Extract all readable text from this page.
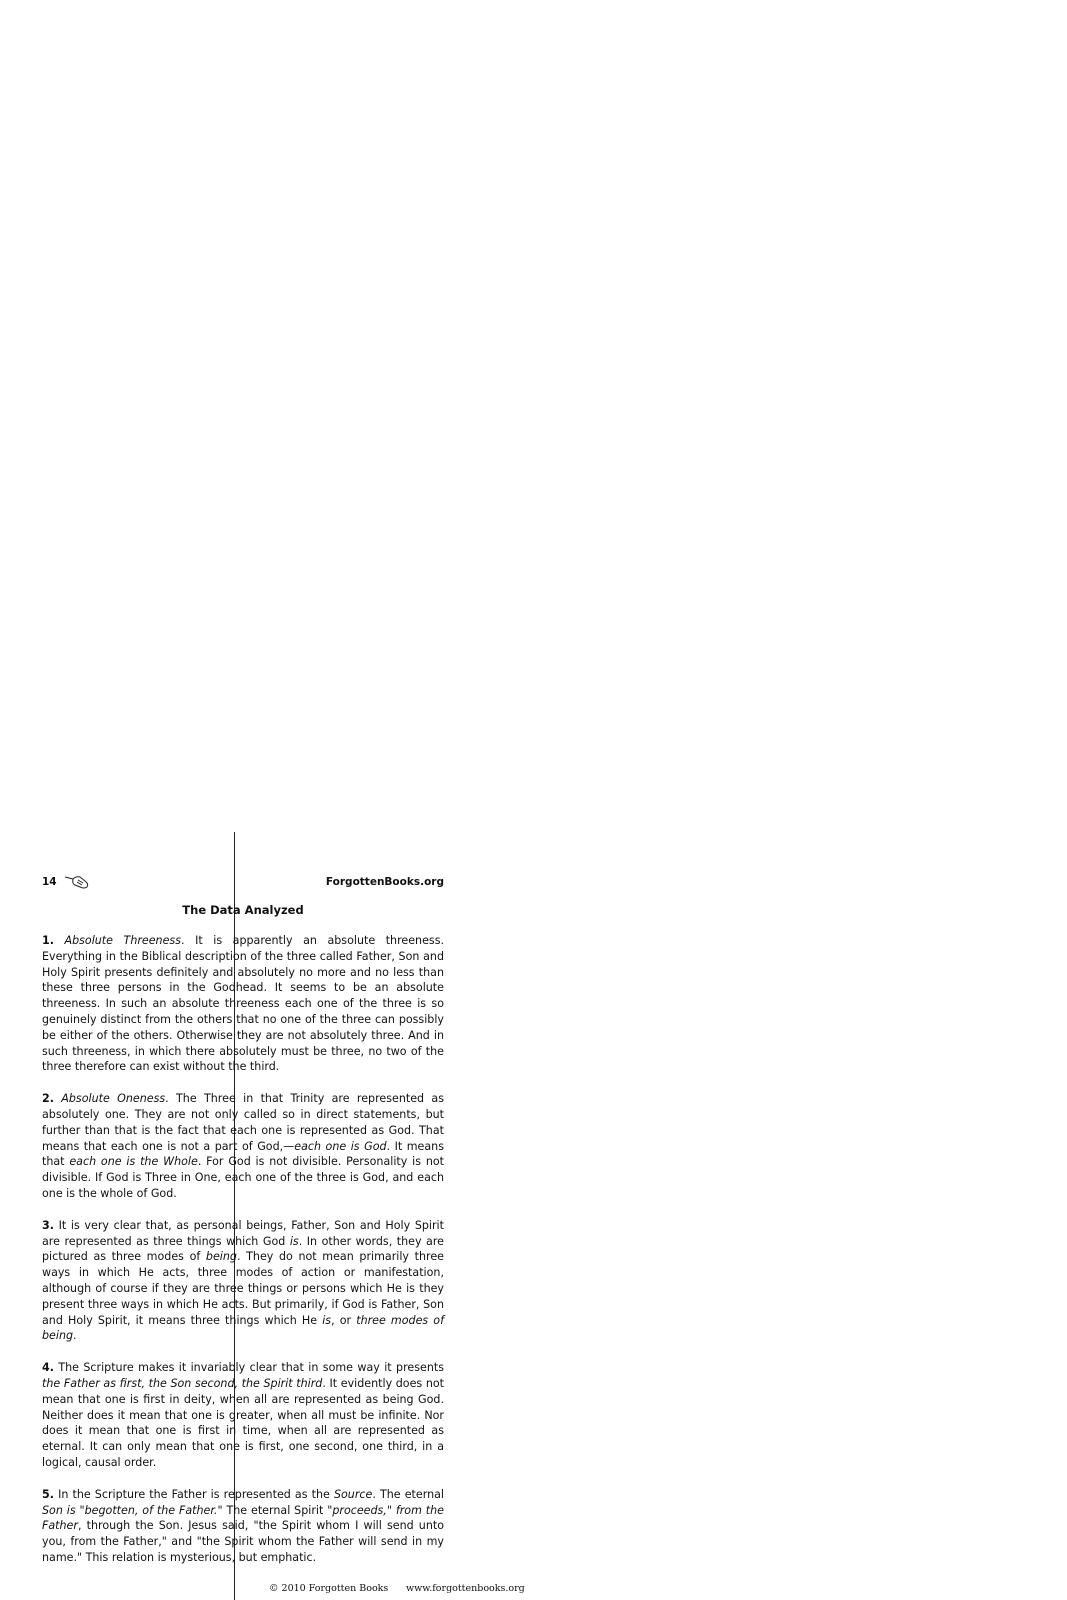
14	ForgottenBooks.org
The Data Analyzed

1. Absolute Threeness. It is apparently an absolute threeness. Everything in the Biblical description of the three called Father, Son and Holy Spirit presents definitely and absolutely no more and no less than these three persons in the Godhead. It seems to be an absolute threeness. In such an absolute threeness each one of the three is so genuinely distinct from the others that no one of the three can possibly be either of the others. Otherwise they are not absolutely three. And in such threeness, in which there absolutely must be three, no two of the three therefore can exist without the third.

2. Absolute Oneness. The Three in that Trinity are represented as absolutely one. They are not only called so in direct statements, but further than that is the fact that each one is represented as God. That means that each one is not a part of God,—each one is God. It means that each one is the Whole. For God is not divisible. Personality is not divisible. If God is Three in One, each one of the three is God, and each one is the whole of God.

3. It is very clear that, as personal beings, Father, Son and Holy Spirit are represented as three things which God is. In other words, they are pictured as three modes of being. They do not mean primarily three ways in which He acts, three modes of action or manifestation, although of course if they are three things or persons which He is they present three ways in which He acts. But primarily, if God is Father, Son and Holy Spirit, it means three things which He is, or three modes of being.

4. The Scripture makes it invariably clear that in some way it presents the Father as first, the Son second, the Spirit third. It evidently does not mean that one is first in deity, when all are represented as being God. Neither does it mean that one is greater, when all must be infinite. Nor does it mean that one is first in time, when all are represented as eternal. It can only mean that one is first, one second, one third, in a logical, causal order.

5. In the Scripture the Father is represented as the Source. The eternal Son is "begotten, of the Father." The eternal Spirit "proceeds," from the Father, through the Son. Jesus said, "the Spirit whom I will send unto you, from the Father," and "the Spirit whom the Father will send in my name." This relation is mysterious, but emphatic.

© 2010 Forgotten Books www.forgottenbooks.org
